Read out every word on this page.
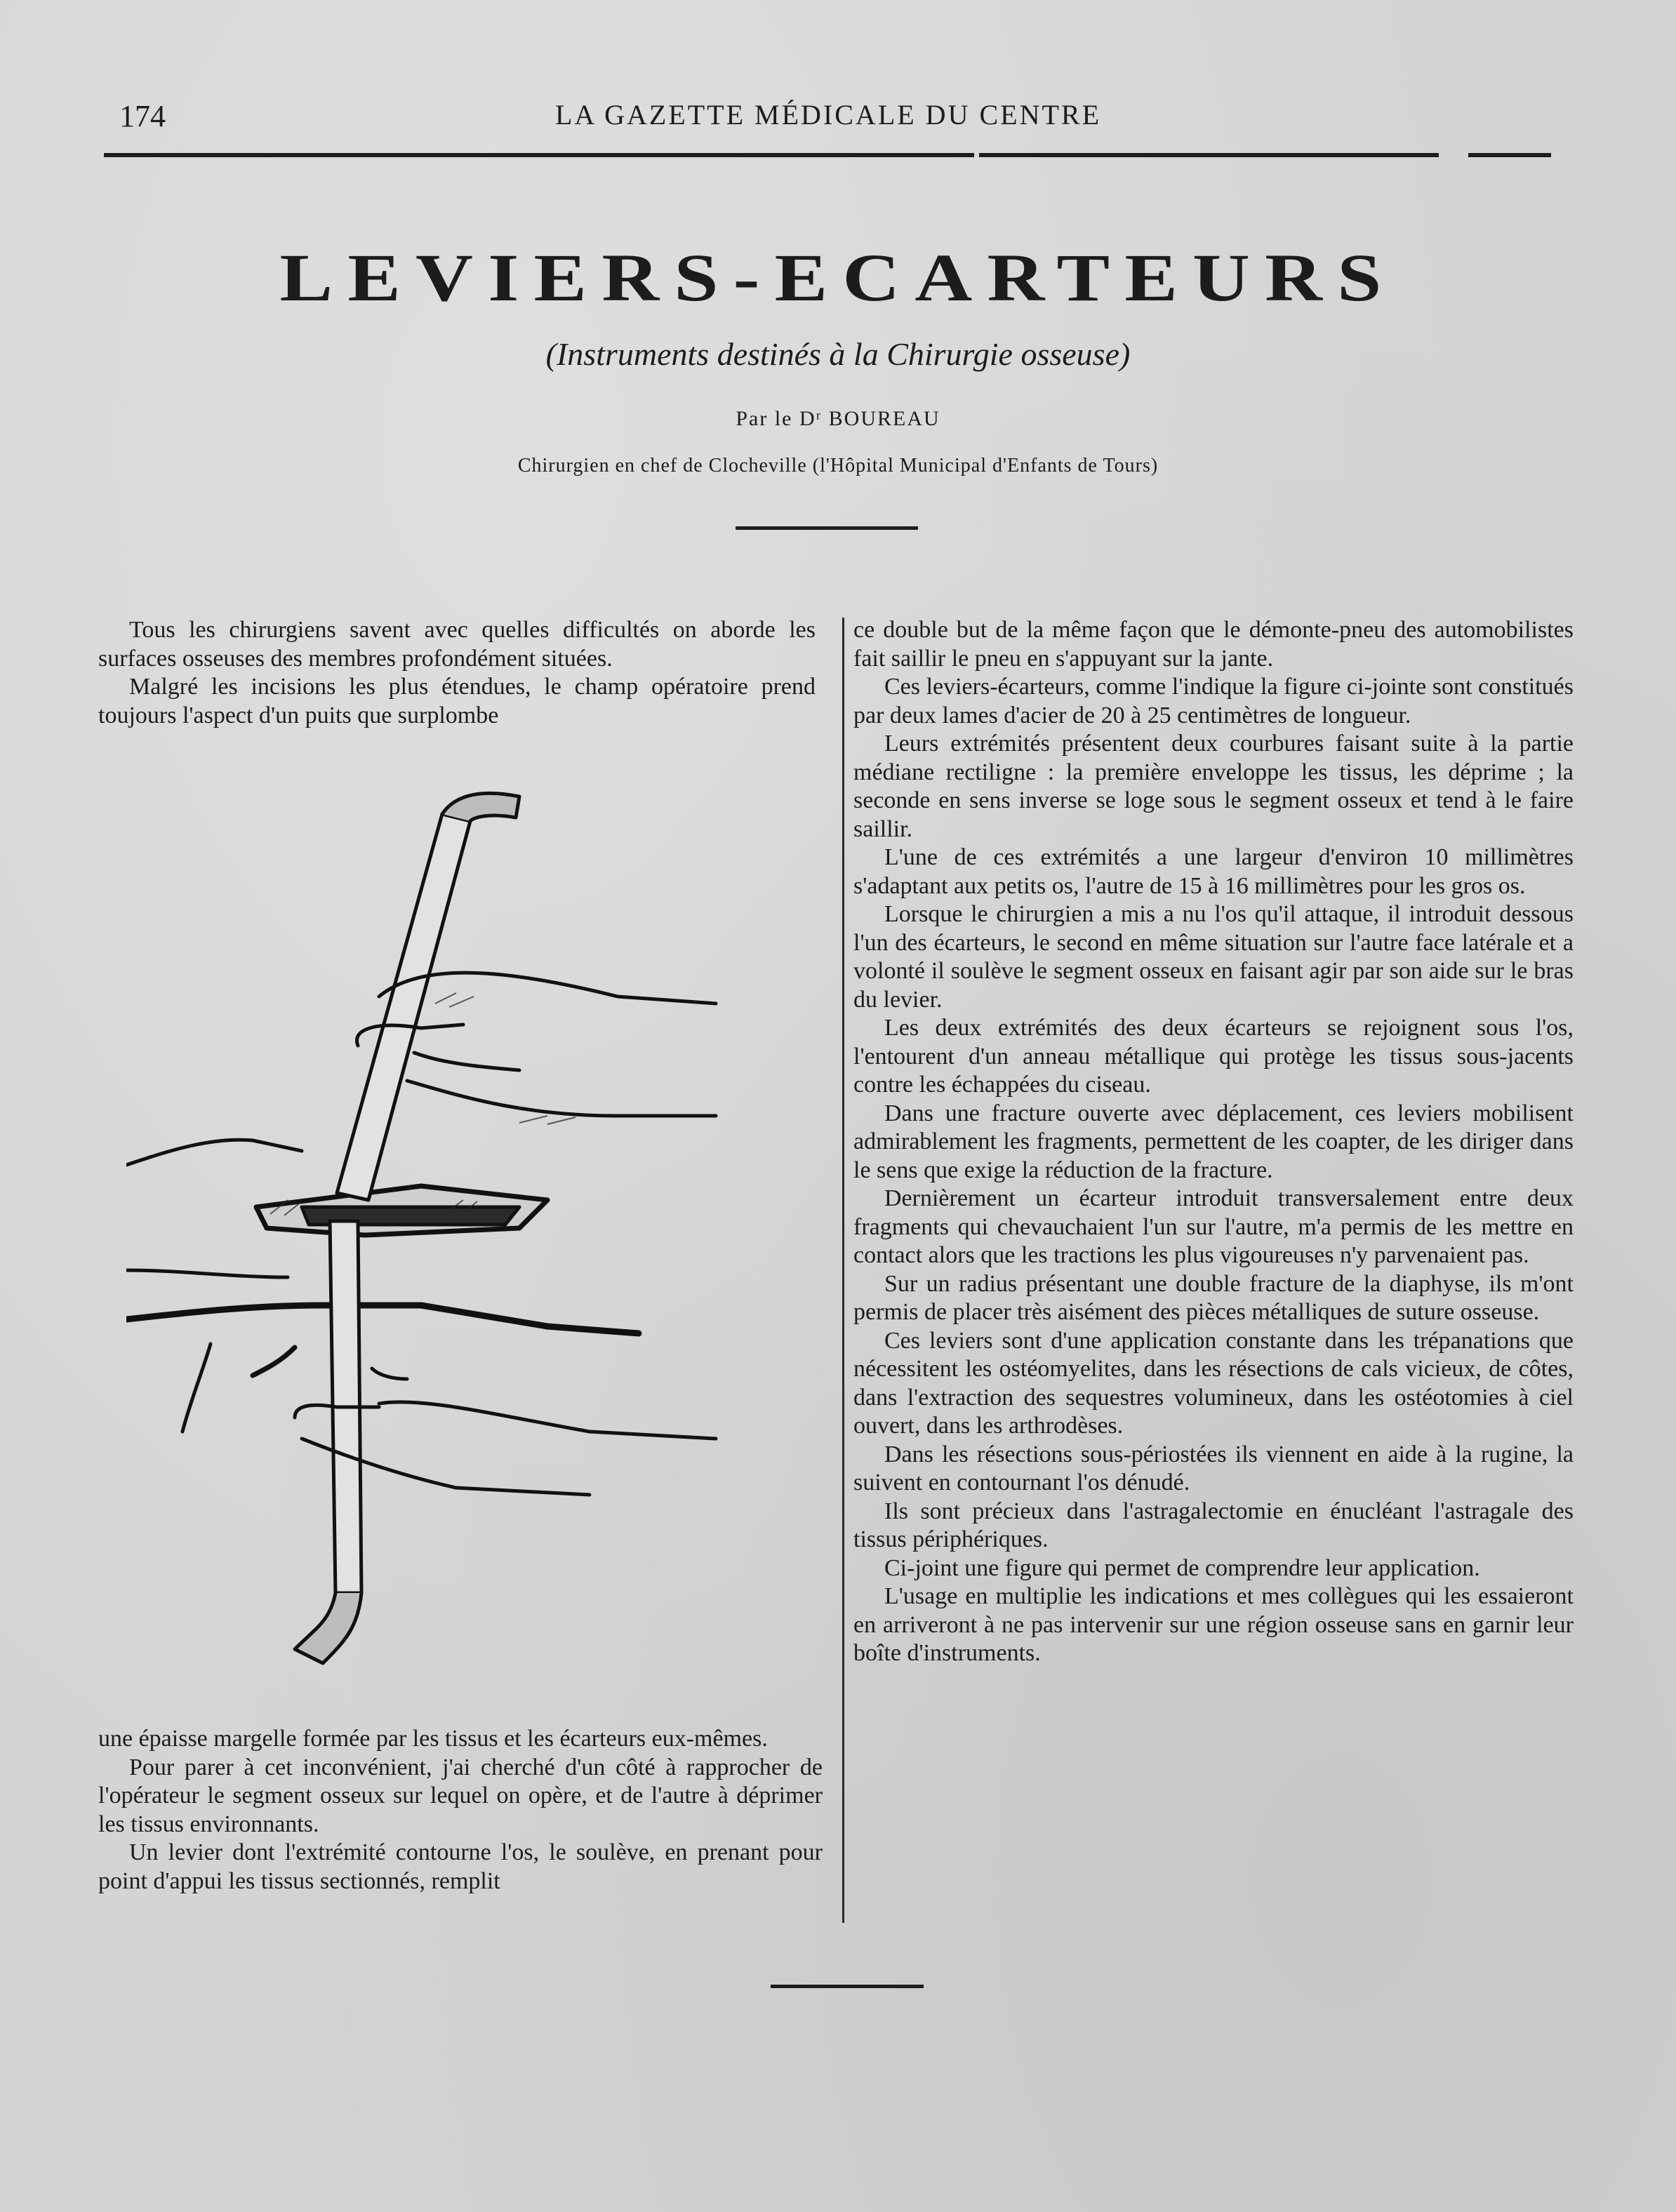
174	LA GAZETTE MÉDICALE DU CENTRE
LEVIERS-ECARTEURS
(Instruments destinés à la Chirurgie osseuse)
Par le Dʳ BOUREAU
Chirurgien en chef de Clocheville (l'Hôpital Municipal d'Enfants de Tours)

Tous les chirurgiens savent avec quelles difficultés on aborde les surfaces osseuses des membres profondément situées.

Malgré les incisions les plus étendues, le champ opératoire prend toujours l'aspect d'un puits que surplombe

une épaisse margelle formée par les tissus et les écarteurs eux-mêmes.

Pour parer à cet inconvénient, j'ai cherché d'un côté à rapprocher de l'opérateur le segment osseux sur lequel on opère, et de l'autre à déprimer les tissus environnants.

Un levier dont l'extrémité contourne l'os, le soulève, en prenant pour point d'appui les tissus sectionnés, remplit

ce double but de la même façon que le démonte-pneu des automobilistes fait saillir le pneu en s'appuyant sur la jante.

Ces leviers-écarteurs, comme l'indique la figure ci-jointe sont constitués par deux lames d'acier de 20 à 25 centimètres de longueur.

Leurs extrémités présentent deux courbures faisant suite à la partie médiane rectiligne : la première enveloppe les tissus, les déprime ; la seconde en sens inverse se loge sous le segment osseux et tend à le faire saillir.

L'une de ces extrémités a une largeur d'environ 10 millimètres s'adaptant aux petits os, l'autre de 15 à 16 millimètres pour les gros os.

Lorsque le chirurgien a mis a nu l'os qu'il attaque, il introduit dessous l'un des écarteurs, le second en même situation sur l'autre face latérale et a volonté il soulève le segment osseux en faisant agir par son aide sur le bras du levier.

Les deux extrémités des deux écarteurs se rejoignent sous l'os, l'entourent d'un anneau métallique qui protège les tissus sous-jacents contre les échappées du ciseau.

Dans une fracture ouverte avec déplacement, ces leviers mobilisent admirablement les fragments, permettent de les coapter, de les diriger dans le sens que exige la réduction de la fracture.

Dernièrement un écarteur introduit transversalement entre deux fragments qui chevauchaient l'un sur l'autre, m'a permis de les mettre en contact alors que les tractions les plus vigoureuses n'y parvenaient pas.

Sur un radius présentant une double fracture de la diaphyse, ils m'ont permis de placer très aisément des pièces métalliques de suture osseuse.

Ces leviers sont d'une application constante dans les trépanations que nécessitent les ostéomyelites, dans les résections de cals vicieux, de côtes, dans l'extraction des sequestres volumineux, dans les ostéotomies à ciel ouvert, dans les arthrodèses.

Dans les résections sous-périostées ils viennent en aide à la rugine, la suivent en contournant l'os dénudé.

Ils sont précieux dans l'astragalectomie en énucléant l'astragale des tissus périphériques.

Ci-joint une figure qui permet de comprendre leur application.

L'usage en multiplie les indications et mes collègues qui les essaieront en arriveront à ne pas intervenir sur une région osseuse sans en garnir leur boîte d'instruments.
